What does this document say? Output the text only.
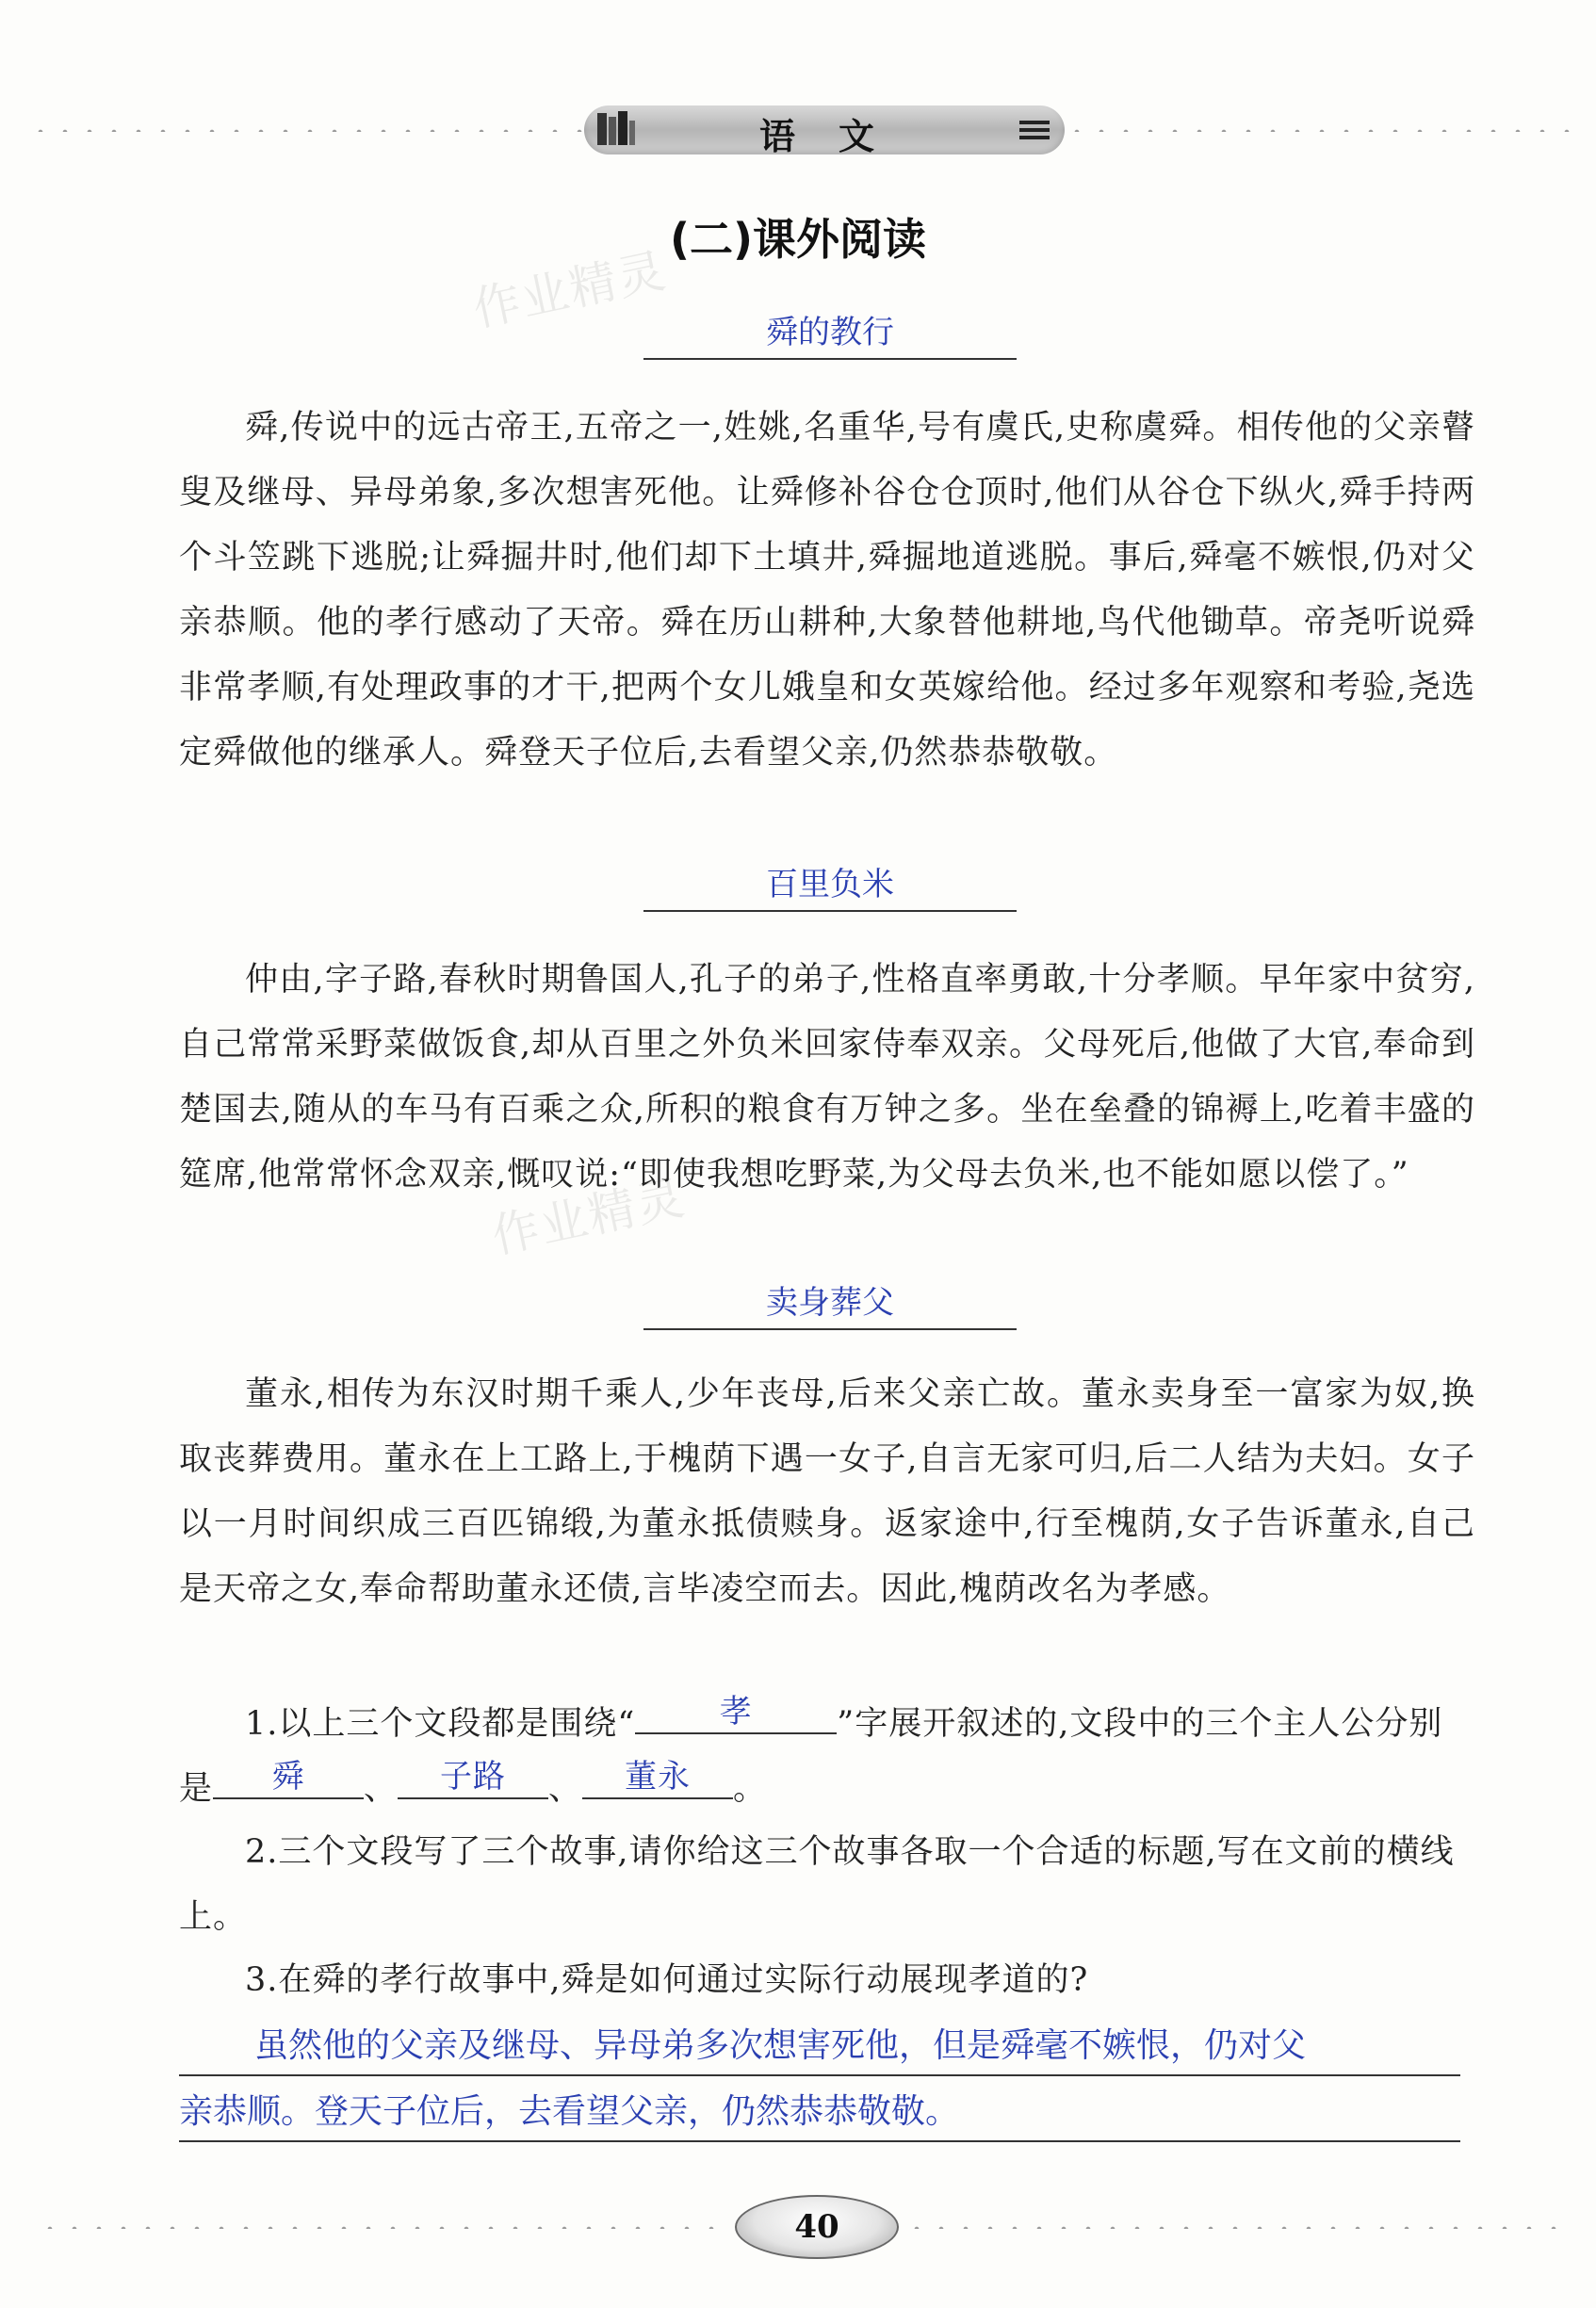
语文
(二)课外阅读
作业精灵
作业精灵
舜的教行

舜,传说中的远古帝王,五帝之一,姓姚,名重华,号有虞氏,史称虞舜。相传他的父亲瞽叟及继母、异母弟象,多次想害死他。让舜修补谷仓仓顶时,他们从谷仓下纵火,舜手持两个斗笠跳下逃脱;让舜掘井时,他们却下土填井,舜掘地道逃脱。事后,舜毫不嫉恨,仍对父亲恭顺。他的孝行感动了天帝。舜在历山耕种,大象替他耕地,鸟代他锄草。帝尧听说舜非常孝顺,有处理政事的才干,把两个女儿娥皇和女英嫁给他。经过多年观察和考验,尧选定舜做他的继承人。舜登天子位后,去看望父亲,仍然恭恭敬敬。

百里负米

仲由,字子路,春秋时期鲁国人,孔子的弟子,性格直率勇敢,十分孝顺。早年家中贫穷,自己常常采野菜做饭食,却从百里之外负米回家侍奉双亲。父母死后,他做了大官,奉命到楚国去,随从的车马有百乘之众,所积的粮食有万钟之多。坐在垒叠的锦褥上,吃着丰盛的筵席,他常常怀念双亲,慨叹说:“即使我想吃野菜,为父母去负米,也不能如愿以偿了。”

卖身葬父

董永,相传为东汉时期千乘人,少年丧母,后来父亲亡故。董永卖身至一富家为奴,换取丧葬费用。董永在上工路上,于槐荫下遇一女子,自言无家可归,后二人结为夫妇。女子以一月时间织成三百匹锦缎,为董永抵债赎身。返家途中,行至槐荫,女子告诉董永,自己是天帝之女,奉命帮助董永还债,言毕凌空而去。因此,槐荫改名为孝感。

1.以上三个文段都是围绕“	孝	”字展开叙述的,文段中的三个主人公分别是	舜	、	子路	、	董永	。

2.三个文段写了三个故事,请你给这三个故事各取一个合适的标题,写在文前的横线上。

3.在舜的孝行故事中,舜是如何通过实际行动展现孝道的?

虽然他的父亲及继母、异母弟多次想害死他，但是舜毫不嫉恨，仍对父
亲恭顺。登天子位后，去看望父亲，仍然恭恭敬敬。
40
